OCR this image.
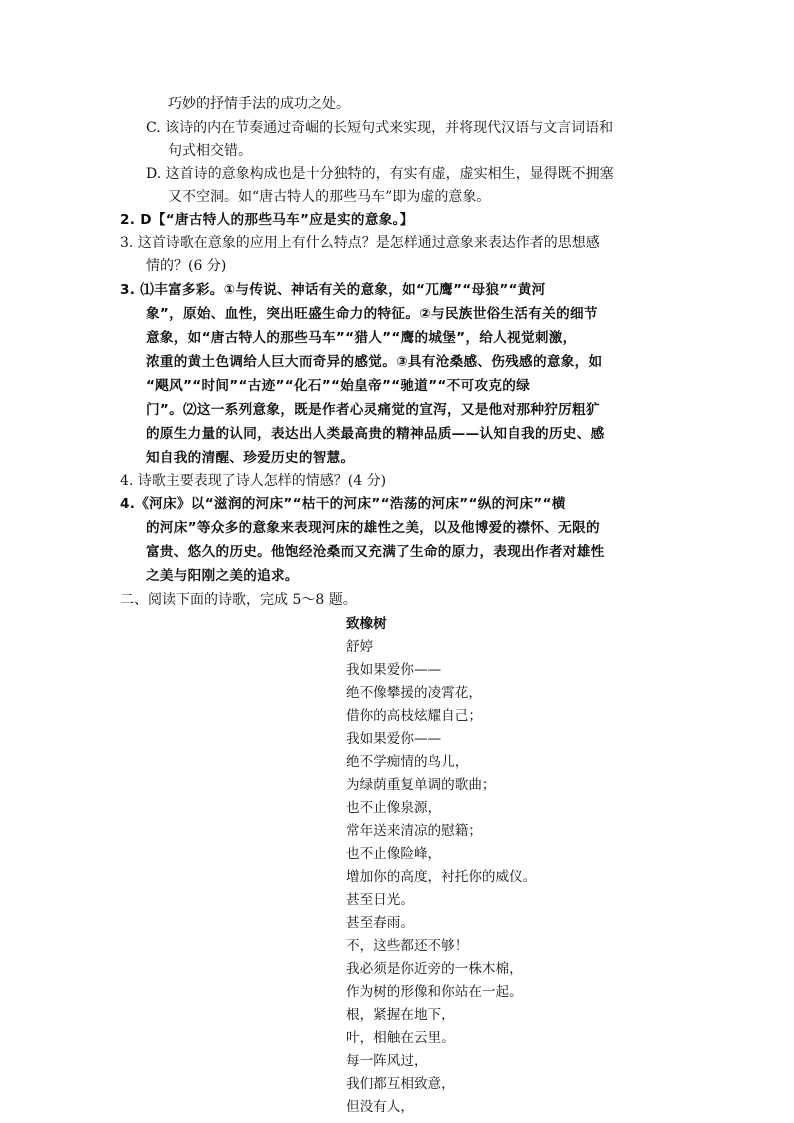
巧妙的抒情手法的成功之处。
C. 该诗的内在节奏通过奇崛的长短句式来实现，并将现代汉语与文言词语和
句式相交错。
D. 这首诗的意象构成也是十分独特的，有实有虚，虚实相生，显得既不拥塞
又不空洞。如“唐古特人的那些马车”即为虚的意象。
2. D【“唐古特人的那些马车”应是实的意象。】
3. 这首诗歌在意象的应用上有什么特点？是怎样通过意象来表达作者的思想感
情的？(6 分)
3. ⑴丰富多彩。①与传说、神话有关的意象，如“兀鹰”“母狼”“黄河
象”，原始、血性，突出旺盛生命力的特征。②与民族世俗生活有关的细节
意象，如“唐古特人的那些马车”“猎人”“鹰的城堡”，给人视觉刺激，
浓重的黄土色调给人巨大而奇异的感觉。③具有沧桑感、伤残感的意象，如
“飓风”“时间”“古迹”“化石”“始皇帝”“驰道”“不可攻克的绿
门”。⑵这一系列意象，既是作者心灵痛觉的宣泻，又是他对那种狞厉粗犷
的原生力量的认同，表达出人类最高贵的精神品质——认知自我的历史、感
知自我的清醒、珍爱历史的智慧。
4. 诗歌主要表现了诗人怎样的情感？(4 分)
4.《河床》以“滋润的河床”“枯干的河床”“浩荡的河床”“纵的河床”“横
的河床”等众多的意象来表现河床的雄性之美，以及他博爱的襟怀、无限的
富贵、悠久的历史。他饱经沧桑而又充满了生命的原力，表现出作者对雄性
之美与阳刚之美的追求。
二、阅读下面的诗歌，完成 5～8 题。
致橡树
舒婷
我如果爱你——
绝不像攀援的凌霄花，
借你的高枝炫耀自己；
我如果爱你——
绝不学痴情的鸟儿，
为绿荫重复单调的歌曲；
也不止像泉源，
常年送来清凉的慰籍；
也不止像险峰，
增加你的高度，衬托你的威仪。
甚至日光。
甚至春雨。
不，这些都还不够！
我必须是你近旁的一株木棉，
作为树的形像和你站在一起。
根，紧握在地下，
叶，相触在云里。
每一阵风过，
我们都互相致意，
但没有人，
